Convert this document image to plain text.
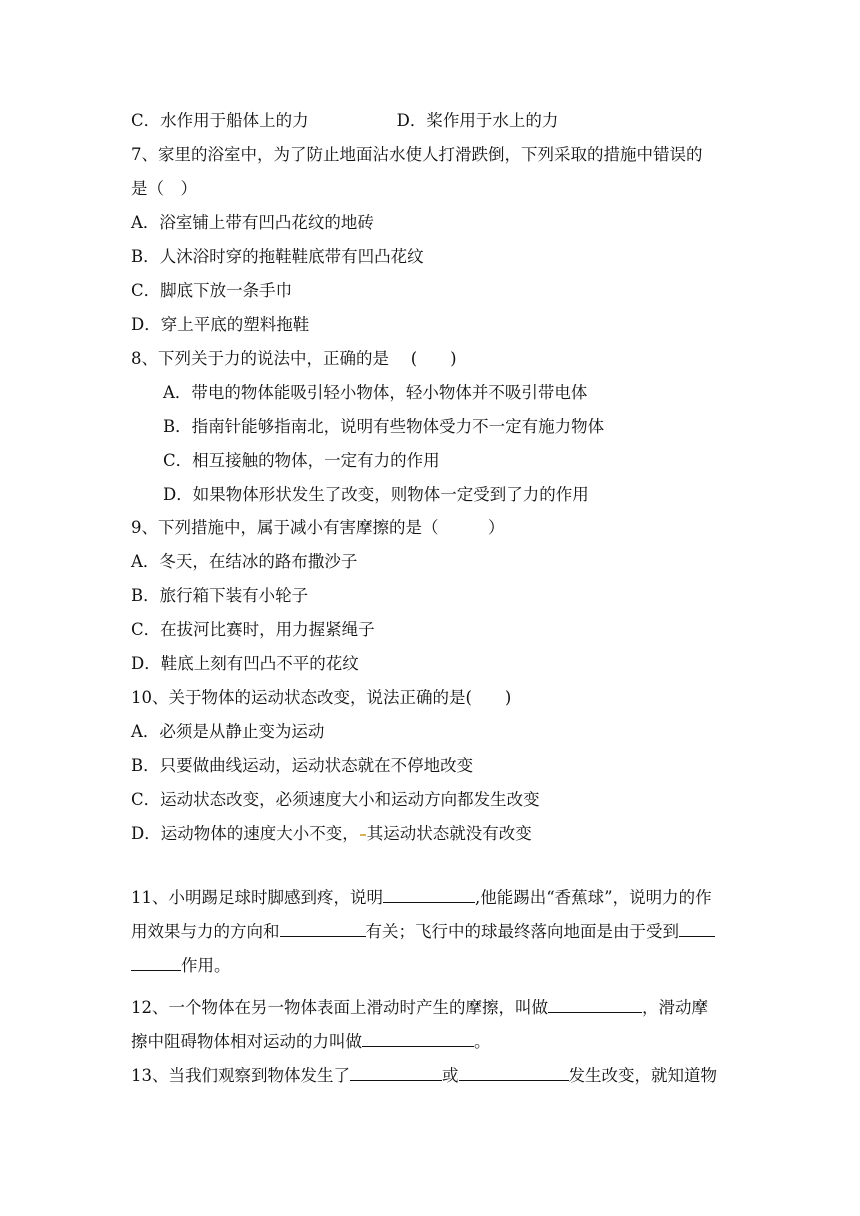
C．水作用于船体上的力	D．桨作用于水上的力
7、家里的浴室中，为了防止地面沾水使人打滑跌倒，下列采取的措施中错误的
是（　）
A．浴室铺上带有凹凸花纹的地砖
B．人沐浴时穿的拖鞋鞋底带有凹凸花纹
C．脚底下放一条手巾
D．穿上平底的塑料拖鞋
8、下列关于力的说法中，正确的是　 (　　)
A．带电的物体能吸引轻小物体，轻小物体并不吸引带电体
B．指南针能够指南北，说明有些物体受力不一定有施力物体
C．相互接触的物体，一定有力的作用
D．如果物体形状发生了改变，则物体一定受到了力的作用
9、下列措施中，属于减小有害摩擦的是（　　　）
A．冬天，在结冰的路布撒沙子
B．旅行箱下装有小轮子
C．在拔河比赛时，用力握紧绳子
D．鞋底上刻有凹凸不平的花纹
10、关于物体的运动状态改变，说法正确的是(　　)
A．必须是从静止变为运动
B．只要做曲线运动，运动状态就在不停地改变
C．运动状态改变，必须速度大小和运动方向都发生改变
D．运动物体的速度大小不变， 其运动状态就没有改变
11、小明踢足球时脚感到疼，说明	,他能踢出“香蕉球”，说明力的作
用效果与力的方向和	有关；飞行中的球最终落向地面是由于受到
作用。
12、一个物体在另一物体表面上滑动时产生的摩擦，叫做	，滑动摩
擦中阻碍物体相对运动的力叫做	。
13、当我们观察到物体发生了	或	发生改变，就知道物
